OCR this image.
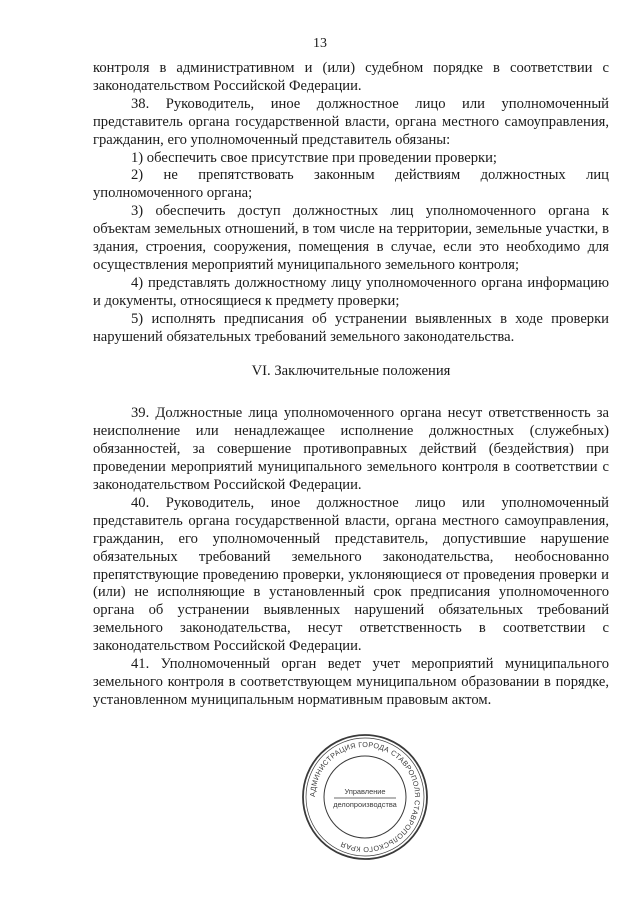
13

контроля в административном и (или) судебном порядке в соответствии с законодательством Российской Федерации.

38. Руководитель, иное должностное лицо или уполномоченный представитель органа государственной власти, органа местного самоуправления, гражданин, его уполномоченный представитель обязаны:

1) обеспечить свое присутствие при проведении проверки;

2) не препятствовать законным действиям должностных лиц уполномоченного органа;

3) обеспечить доступ должностных лиц уполномоченного органа к объектам земельных отношений, в том числе на территории, земельные участки, в здания, строения, сооружения, помещения в случае, если это необходимо для осуществления мероприятий муниципального земельного контроля;

4) представлять должностному лицу уполномоченного органа информацию и документы, относящиеся к предмету проверки;

5) исполнять предписания об устранении выявленных в ходе проверки нарушений обязательных требований земельного законодательства.

VI. Заключительные положения

39. Должностные лица уполномоченного органа несут ответственность за неисполнение или ненадлежащее исполнение должностных (служебных) обязанностей, за совершение противоправных действий (бездействия) при проведении мероприятий муниципального земельного контроля в соответствии с законодательством Российской Федерации.

40. Руководитель, иное должностное лицо или уполномоченный представитель органа государственной власти, органа местного самоуправления, гражданин, его уполномоченный представитель, допустившие нарушение обязательных требований земельного законодательства, необоснованно препятствующие проведению проверки, уклоняющиеся от проведения проверки и (или) не исполняющие в установленный срок предписания уполномоченного органа об устранении выявленных нарушений обязательных требований земельного законодательства, несут ответственность в соответствии с законодательством Российской Федерации.

41. Уполномоченный орган ведет учет мероприятий муниципального земельного контроля в соответствующем муниципальном образовании в порядке, установленном муниципальным нормативным правовым актом.

АДМИНИСТРАЦИЯ ГОРОДА СТАВРОПОЛЯ СТАВРОПОЛЬСКОГО КРАЯ
Управление
делопроизводства
